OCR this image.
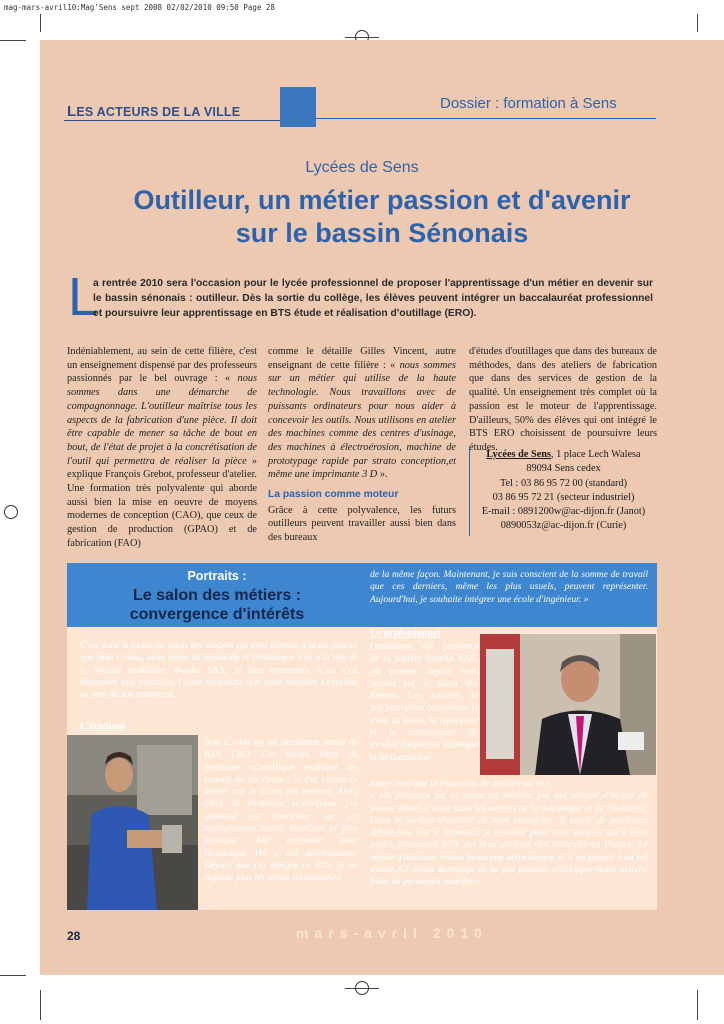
mag-mars-avril10:Mag'Sens sept 2008 02/02/2010 09:50 Page 28
LES ACTEURS DE LA VILLE	Dossier : formation à Sens
Lycées de Sens
Outilleur, un métier passion et d'avenir
sur le bassin Sénonais
L
a rentrée 2010 sera l'occasion pour le lycée professionnel de proposer l'apprentissage d'un métier en devenir sur le bassin sénonais : outilleur. Dès la sortie du collège, les élèves peuvent intégrer un baccalauréat professionnel et poursuivre leur apprentissage en BTS étude et réalisation d'outillage (ERO).

Indéniablement, au sein de cette filière, c'est un enseignement dispensé par des professeurs passionnés par le bel ouvrage : « nous sommes dans une démarche de compagnonnage. L'outilleur maîtrise tous les aspects de la fabrication d'une pièce. Il doit être capable de mener sa tâche de bout en bout, de l'état de projet à la concrétisation de l'outil qui permettra de réaliser la pièce » explique François Grebot, professeur d'atelier. Une formation très polyvalente qui aborde aussi bien la mise en oeuvre de moyens modernes de conception (CAO), que ceux de gestion de production (GPAO) et de fabrication (FAO)

comme le détaille Gilles Vincent, autre enseignant de cette filière : « nous sommes sur un métier qui utilise de la haute technologie. Nous travaillons avec de puissants ordinateurs pour nous aider à concevoir les outils. Nous utilisons en atelier des machines comme des centres d'usinage, des machines à électroérosion, machine de prototypage rapide par strato conception,et même une imprimante 3 D ».

La passion comme moteur

Grâce à cette polyvalence, les futurs outilleurs peuvent travailler aussi bien dans des bureaux

d'études d'outillages que dans des bureaux de méthodes, dans des ateliers de fabrication que dans des services de gestion de la qualité. Un enseignement très complet où la passion est le moteur de l'apprentissage. D'ailleurs, 50% des élèves qui ont intégré le BTS ERO choisissent de poursuivre leurs études.

Lycées de Sens, 1 place Lech Walesa
89094 Sens cedex
Tel : 03 86 95 72 00 (standard)
03 86 95 72 21 (secteur industriel)
E-mail : 0891200w@ac-dijon.fr (Janot)
0890053z@ac-dijon.fr (Curie)
Portraits :
Le salon des métiers :
convergence d'intérêts
de la même façon. Maintenant, je suis conscient de la somme de travail que ces derniers, même les plus usuels, peuvent représenter. Aujourd'hui, je souhaite intégrer une école d'ingénieur. »
C'est dans le cadre du salon des métiers qui s'est déroulé à la mi-janvier que Jean Crolus, alors élève de terminale et Dominique Vié, à la tête de la Société maillotine Boudin SAS, se sont rencontrés. L'un s'est découvert une vocation, l'autre souhaitait que cette dernière s'exprime au sein de son entreprise.
L'étudiant

Jean Crolus est en deuxième année de BTS ERO. Cet ancien élève de terminale scientifique explique les raisons de ce choix : « J'ai connu ce métier sur le salon des métiers. Alors élève en terminale scientifique, j'ai souhaité me réorienter sur un enseignement moins théorique et plus pratique. Ma rencontre avec Dominique Vié a été déterminante. Depuis que j'ai intégré ce BTS, je ne regarde plus les objets du quotidien

Le professionnel
Dominique Vié, président de la société Boudin SAS, est présent depuis trois années sur le salon des métiers. Les activités de son entreprise concernent la mise au point, la réparation et la maintenance de moules d'injection plastique et de thermofor-

mage ainsi que la réparation de moules sur site.

« Ma présence sur ce salon est motivée par ma volonté d'inciter de jeunes élèves à venir dans les métiers de la mécanique et de l'industrie. Dans le secteur d'activité de mon entreprise, il existe de nombreux débouchés. Sur le Sénonais, je travaille pour trois sociétés qui à elles seules produisent 80% des feux arrières des véhicules en France. Le métier d'outilleur évolue beaucoup actuellement et il est promis à un bel avenir. Ce serait dommage de ne pas pouvoir développer notre activité faute de personnel qualifié.»

28	mars-avril 2010
